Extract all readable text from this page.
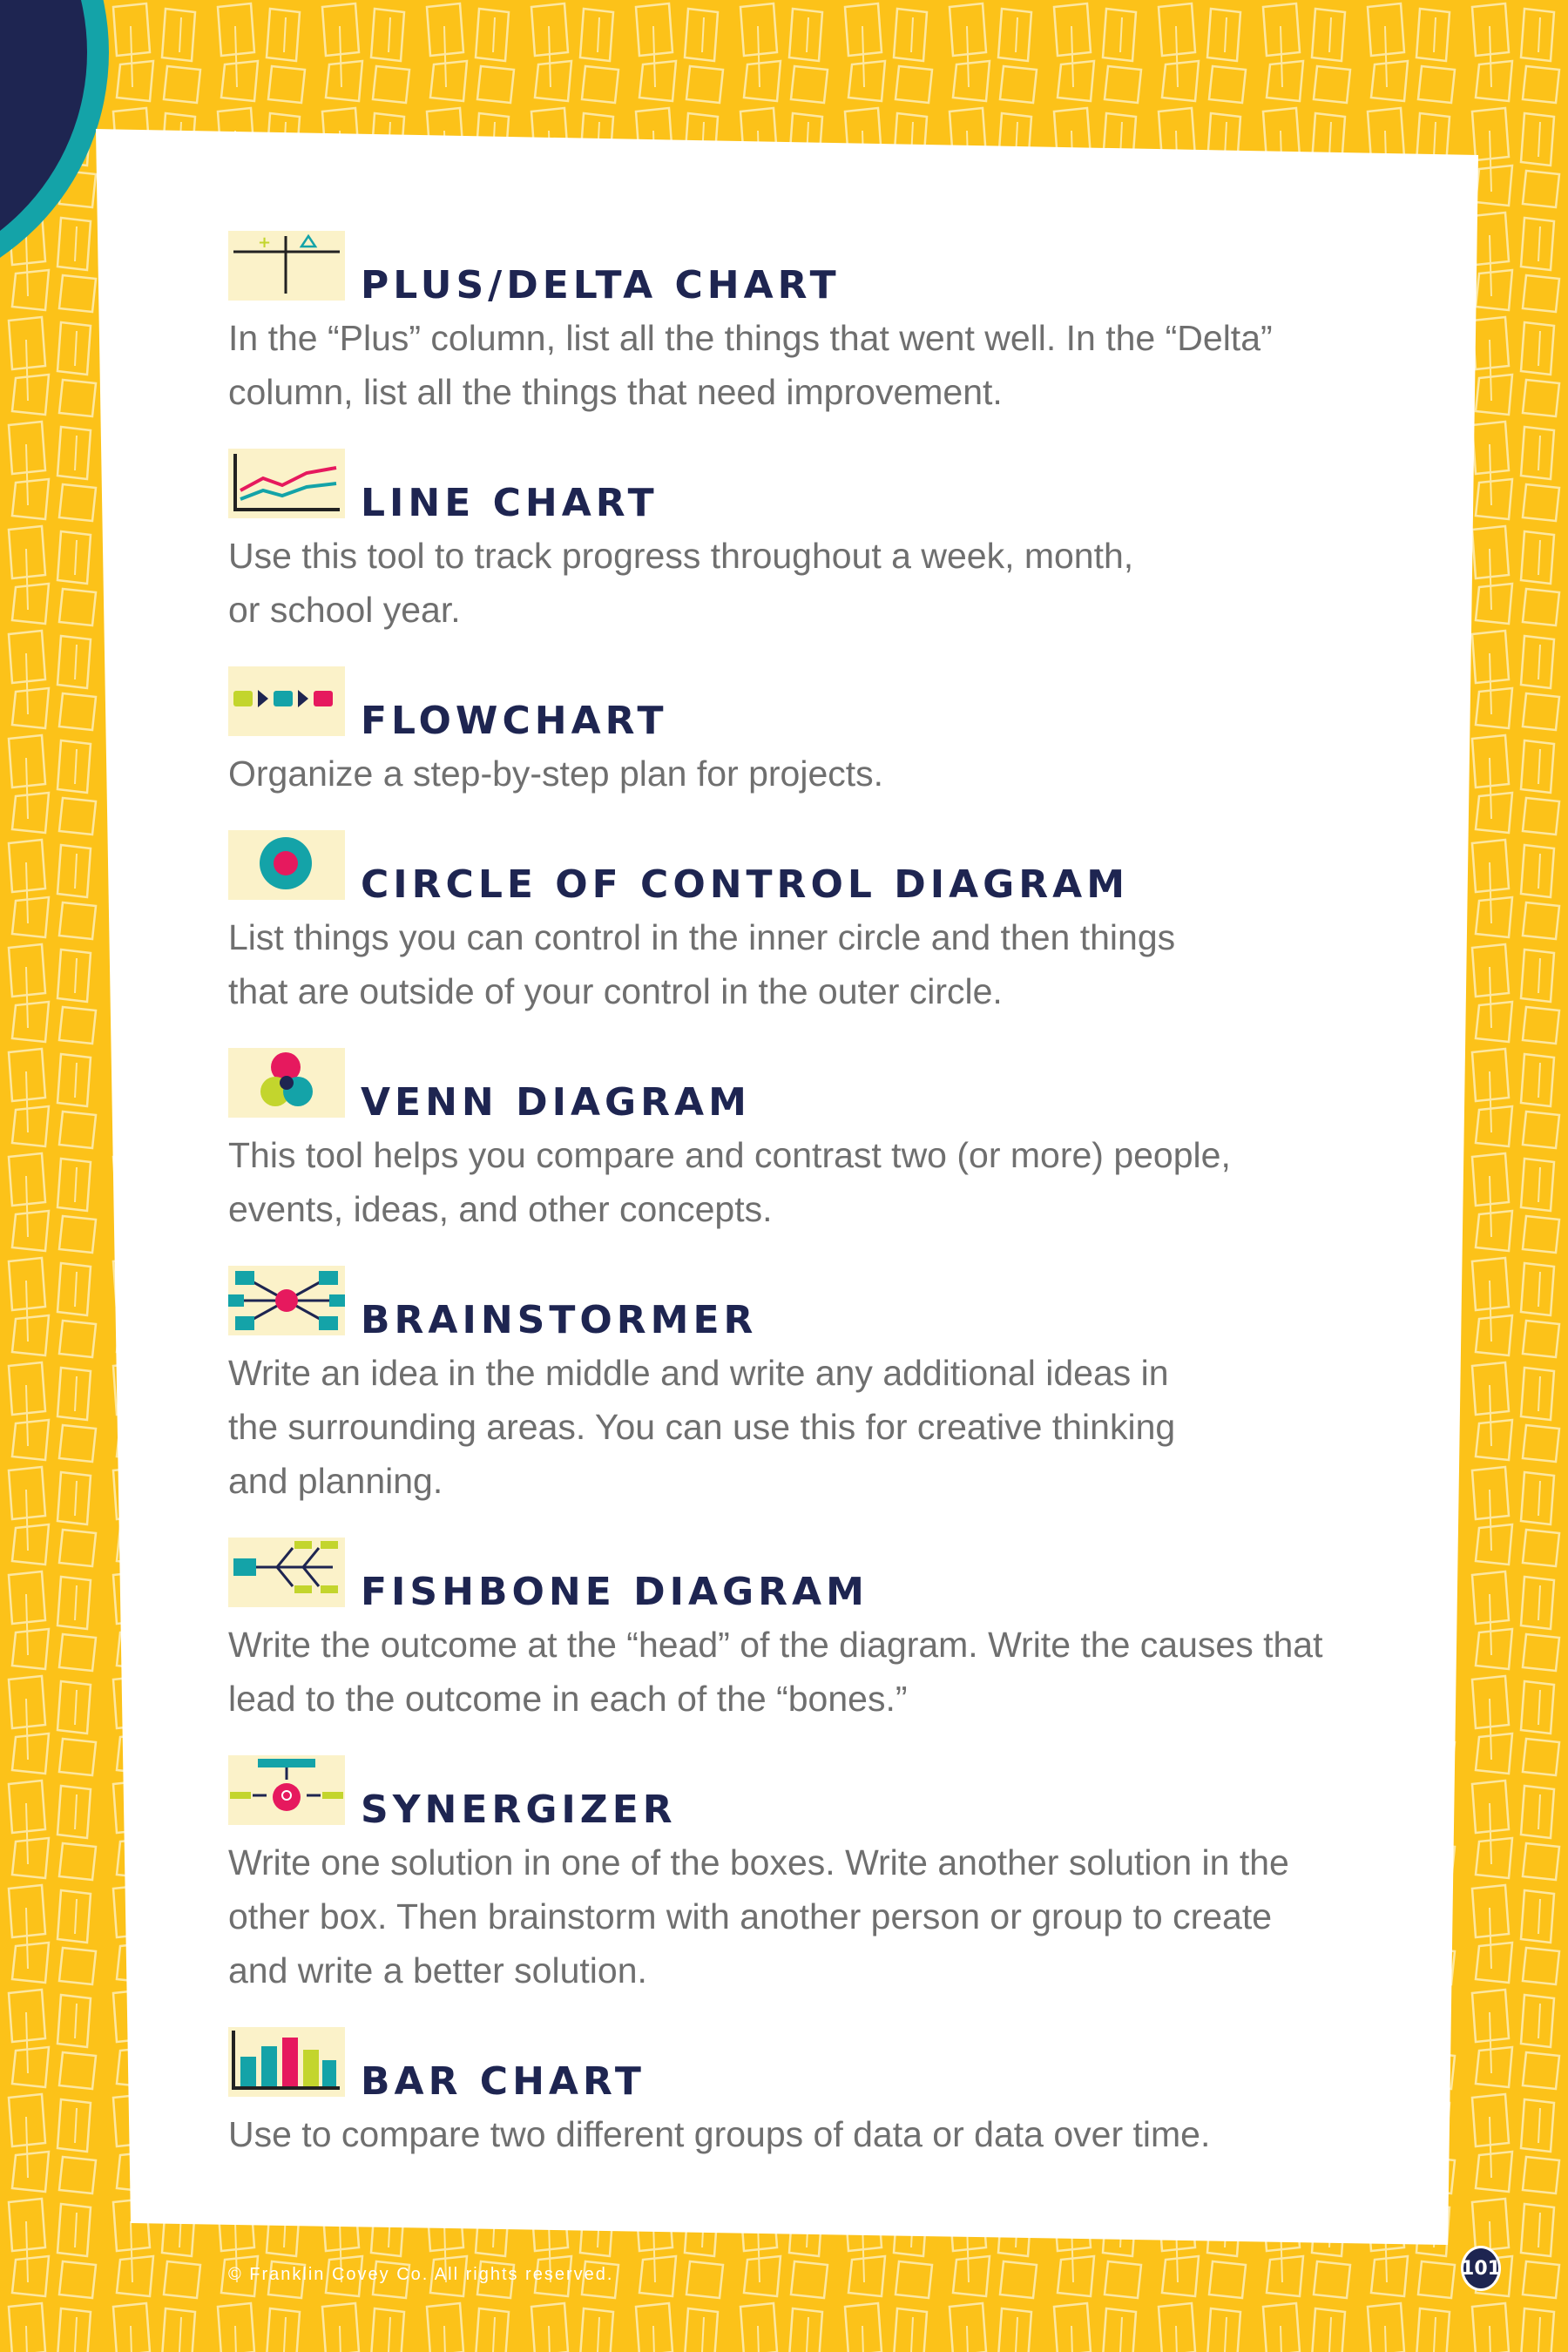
+
PLUS/DELTA CHART

In the “Plus” column, list all the things that went well. In the “Delta”
column, list all the things that need improvement.

LINE CHART

Use this tool to track progress throughout a week, month,
or school year.

FLOWCHART

Organize a step-by-step plan for projects.

CIRCLE OF CONTROL DIAGRAM

List things you can control in the inner circle and then things
that are outside of your control in the outer circle.

VENN DIAGRAM

This tool helps you compare and contrast two (or more) people,
events, ideas, and other concepts.

BRAINSTORMER

Write an idea in the middle and write any additional ideas in
the surrounding areas. You can use this for creative thinking
and planning.

FISHBONE DIAGRAM

Write the outcome at the “head” of the diagram. Write the causes that
lead to the outcome in each of the “bones.”

SYNERGIZER

Write one solution in one of the boxes. Write another solution in the
other box. Then brainstorm with another person or group to create
and write a better solution.

BAR CHART

Use to compare two different groups of data or data over time.

© Franklin Covey Co. All rights reserved.	101
